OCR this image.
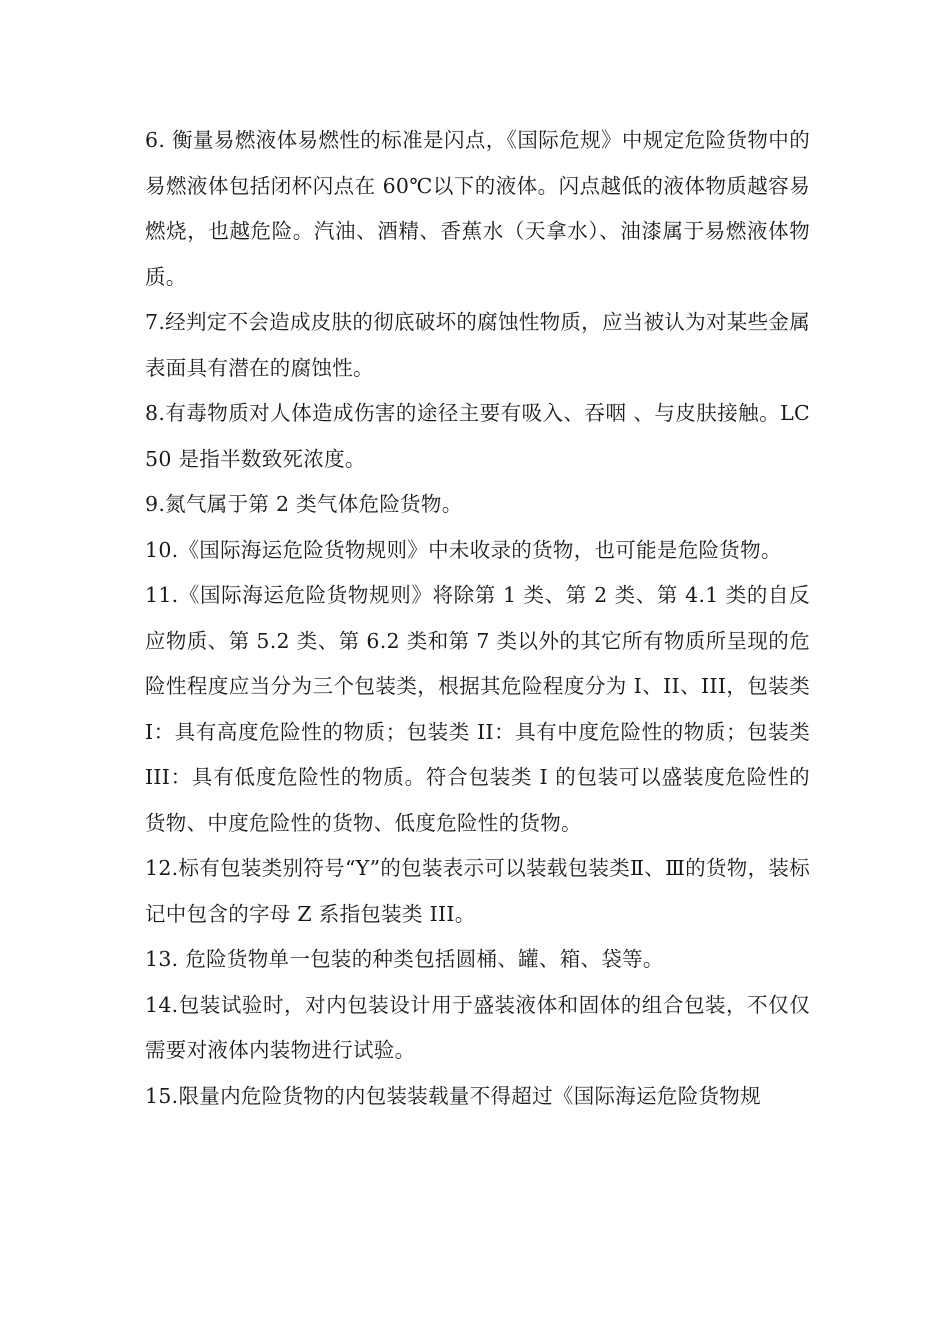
6. 衡量易燃液体易燃性的标准是闪点，《国际危规》中规定危险货物中的易燃液体包括闭杯闪点在 60℃以下的液体。闪点越低的液体物质越容易燃烧，也越危险。汽油、酒精、香蕉水（天拿水）、油漆属于易燃液体物质。

7.经判定不会造成皮肤的彻底破坏的腐蚀性物质，应当被认为对某些金属表面具有潜在的腐蚀性。

8.有毒物质对人体造成伤害的途径主要有吸入、吞咽 、与皮肤接触。LC50 是指半数致死浓度。

9.氮气属于第 2 类气体危险货物。

10.《国际海运危险货物规则》中未收录的货物，也可能是危险货物。

11.《国际海运危险货物规则》将除第 1 类、第 2 类、第 4.1 类的自反应物质、第 5.2 类、第 6.2 类和第 7 类以外的其它所有物质所呈现的危险性程度应当分为三个包装类，根据其危险程度分为 I、II、III，包装类 I：具有高度危险性的物质；包装类 II：具有中度危险性的物质；包装类 III：具有低度危险性的物质。符合包装类 I 的包装可以盛装度危险性的货物、中度危险性的货物、低度危险性的货物。

12.标有包装类别符号“Y”的包装表示可以装载包装类Ⅱ、Ⅲ的货物，装标记中包含的字母 Z 系指包装类 III。

13. 危险货物单一包装的种类包括圆桶、罐、箱、袋等。

14.包装试验时，对内包装设计用于盛装液体和固体的组合包装，不仅仅需要对液体内装物进行试验。

15.限量内危险货物的内包装装载量不得超过《国际海运危险货物规
